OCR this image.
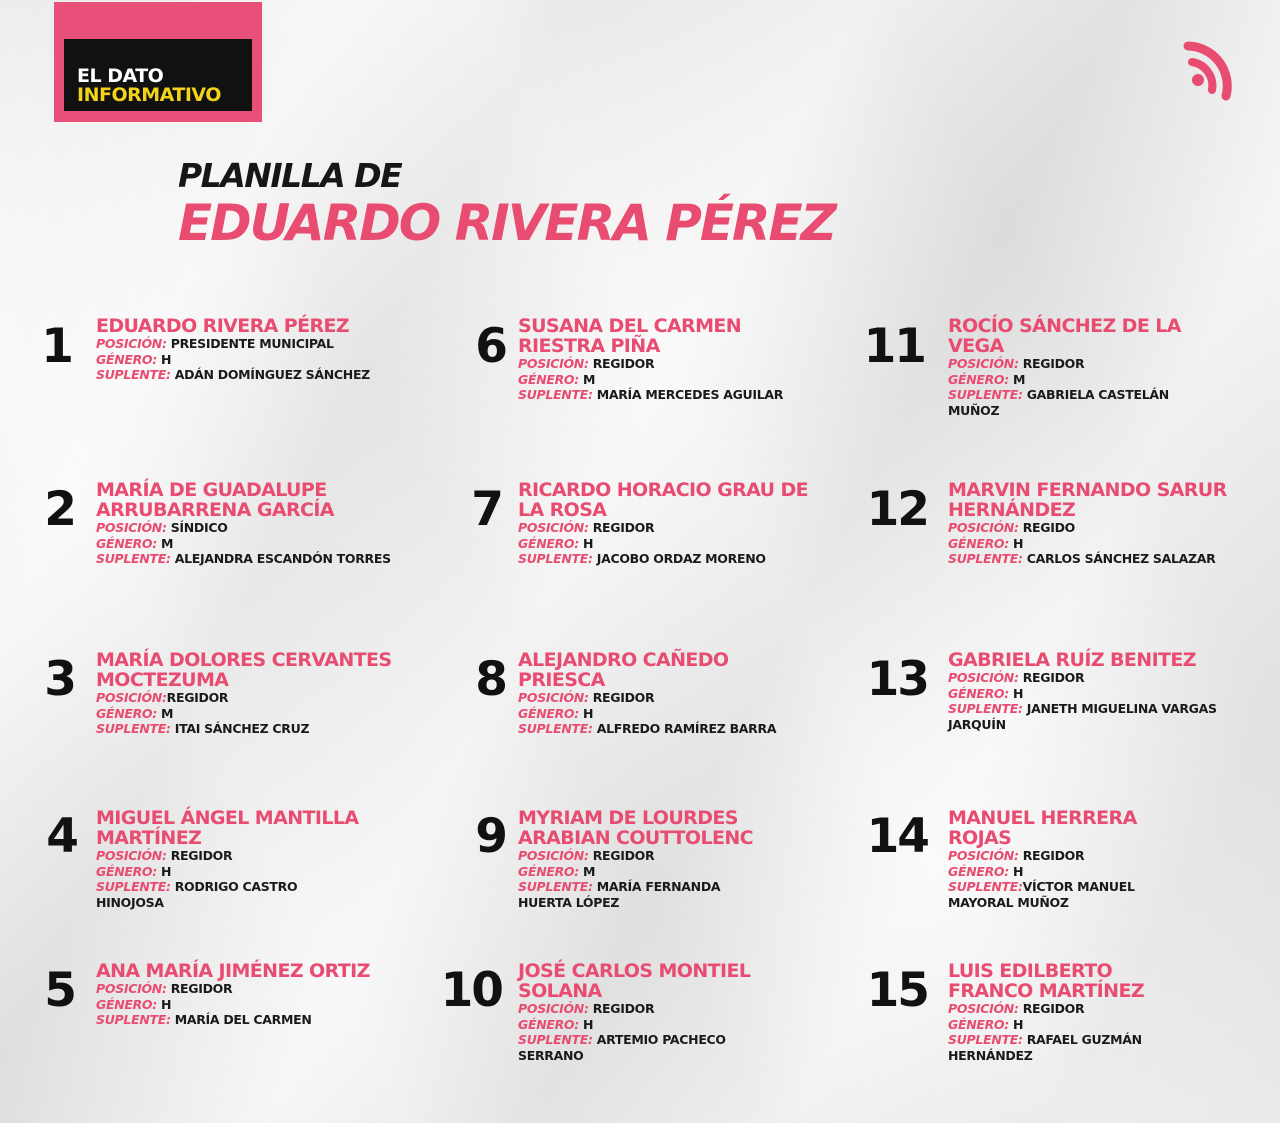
EL DATO
INFORMATIVO
PLANILLA DE
EDUARDO RIVERA PÉREZ
1 EDUARDO RIVERA PÉREZ
POSICIÓN: PRESIDENTE MUNICIPAL
GÉNERO: H
SUPLENTE: ADÁN DOMÍNGUEZ SÁNCHEZ
2 MARÍA DE GUADALUPE ARRUBARRENA GARCÍA
POSICIÓN: SÍNDICO
GÉNERO: M
SUPLENTE: ALEJANDRA ESCANDÓN TORRES
3 MARÍA DOLORES CERVANTES MOCTEZUMA
POSICIÓN:REGIDOR
GÉNERO: M
SUPLENTE: ITAI SÁNCHEZ CRUZ
4 MIGUEL ÁNGEL MANTILLA MARTÍNEZ
POSICIÓN: REGIDOR
GÉNERO: H
SUPLENTE: RODRIGO CASTRO HINOJOSA
5 ANA MARÍA JIMÉNEZ ORTIZ
POSICIÓN: REGIDOR
GÉNERO: H
SUPLENTE: MARÍA DEL CARMEN
6 SUSANA DEL CARMEN RIESTRA PIÑA
POSICIÓN: REGIDOR
GÉNERO: M
SUPLENTE: MARÍA MERCEDES AGUILAR
7 RICARDO HORACIO GRAU DE LA ROSA
POSICIÓN: REGIDOR
GÉNERO: H
SUPLENTE: JACOBO ORDAZ MORENO
8 ALEJANDRO CAÑEDO PRIESCA
POSICIÓN: REGIDOR
GÉNERO: H
SUPLENTE: ALFREDO RAMÍREZ BARRA
9 MYRIAM DE LOURDES ARABIAN COUTTOLENC
POSICIÓN: REGIDOR
GÉNERO: M
SUPLENTE: MARÍA FERNANDA HUERTA LÓPEZ
10 JOSÉ CARLOS MONTIEL SOLANA
POSICIÓN: REGIDOR
GÉNERO: H
SUPLENTE: ARTEMIO PACHECO SERRANO
11 ROCÍO SÁNCHEZ DE LA VEGA
POSICIÓN: REGIDOR
GÉNERO: M
SUPLENTE: GABRIELA CASTELÁN MUÑOZ
12 MARVIN FERNANDO SARUR HERNÁNDEZ
POSICIÓN: REGIDO
GÉNERO: H
SUPLENTE: CARLOS SÁNCHEZ SALAZAR
13 GABRIELA RUÍZ BENITEZ
POSICIÓN: REGIDOR
GÉNERO: H
SUPLENTE: JANETH MIGUELINA VARGAS JARQUÍN
14 MANUEL HERRERA ROJAS
POSICIÓN: REGIDOR
GÉNERO: H
SUPLENTE:VÍCTOR MANUEL MAYORAL MUÑOZ
15 LUIS EDILBERTO FRANCO MARTÍNEZ
POSICIÓN: REGIDOR
GÉNERO: H
SUPLENTE: RAFAEL GUZMÁN HERNÁNDEZ
